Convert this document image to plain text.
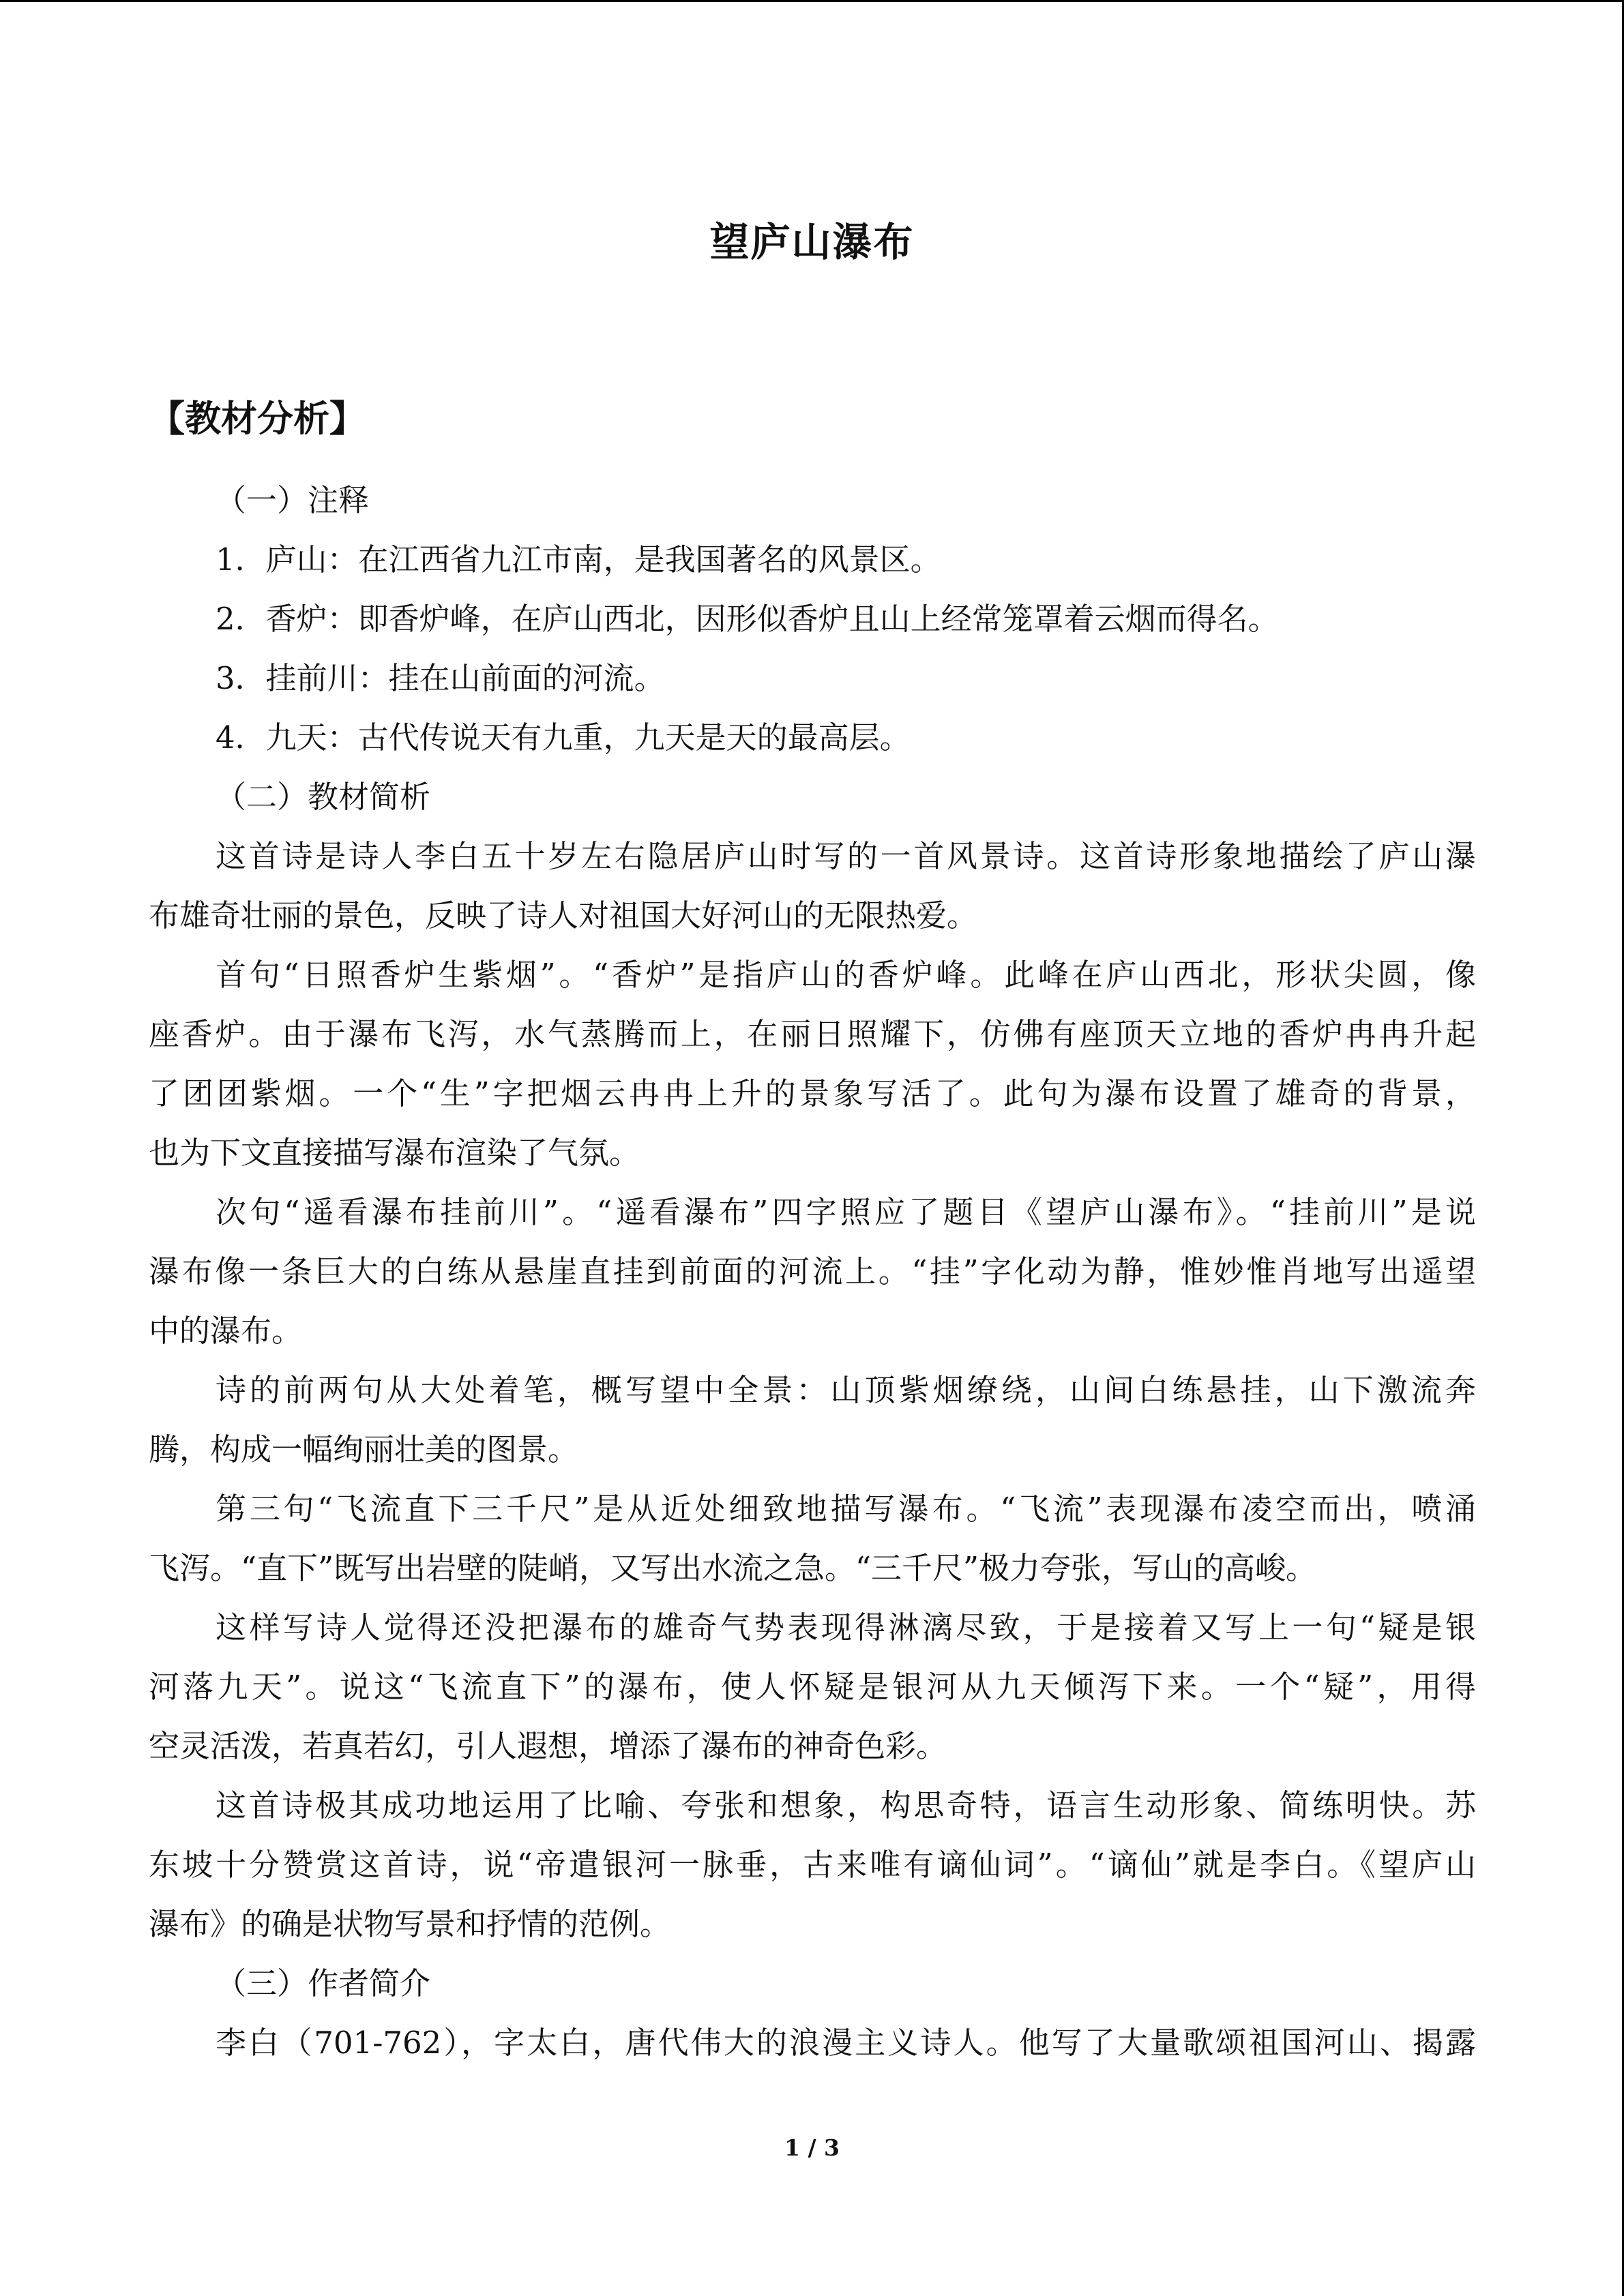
望庐山瀑布
【教材分析】
（一）注释
1．庐山：在江西省九江市南，是我国著名的风景区。
2．香炉：即香炉峰，在庐山西北，因形似香炉且山上经常笼罩着云烟而得名。
3．挂前川：挂在山前面的河流。
4．九天：古代传说天有九重，九天是天的最高层。
（二）教材简析
这首诗是诗人李白五十岁左右隐居庐山时写的一首风景诗。这首诗形象地描绘了庐山瀑
布雄奇壮丽的景色，反映了诗人对祖国大好河山的无限热爱。
首句“日照香炉生紫烟”。“香炉”是指庐山的香炉峰。此峰在庐山西北，形状尖圆，像
座香炉。由于瀑布飞泻，水气蒸腾而上，在丽日照耀下，仿佛有座顶天立地的香炉冉冉升起
了团团紫烟。一个“生”字把烟云冉冉上升的景象写活了。此句为瀑布设置了雄奇的背景，
也为下文直接描写瀑布渲染了气氛。
次句“遥看瀑布挂前川”。“遥看瀑布”四字照应了题目《望庐山瀑布》。“挂前川”是说
瀑布像一条巨大的白练从悬崖直挂到前面的河流上。“挂”字化动为静，惟妙惟肖地写出遥望
中的瀑布。
诗的前两句从大处着笔，概写望中全景：山顶紫烟缭绕，山间白练悬挂，山下激流奔
腾，构成一幅绚丽壮美的图景。
第三句“飞流直下三千尺”是从近处细致地描写瀑布。“飞流”表现瀑布凌空而出，喷涌
飞泻。“直下”既写出岩壁的陡峭，又写出水流之急。“三千尺”极力夸张，写山的高峻。
这样写诗人觉得还没把瀑布的雄奇气势表现得淋漓尽致，于是接着又写上一句“疑是银
河落九天”。说这“飞流直下”的瀑布，使人怀疑是银河从九天倾泻下来。一个“疑”，用得
空灵活泼，若真若幻，引人遐想，增添了瀑布的神奇色彩。
这首诗极其成功地运用了比喻、夸张和想象，构思奇特，语言生动形象、简练明快。苏
东坡十分赞赏这首诗，说“帝遣银河一脉垂，古来唯有谪仙词”。“谪仙”就是李白。《望庐山
瀑布》的确是状物写景和抒情的范例。
（三）作者简介
李白（701-762），字太白，唐代伟大的浪漫主义诗人。他写了大量歌颂祖国河山、揭露
1 / 3
